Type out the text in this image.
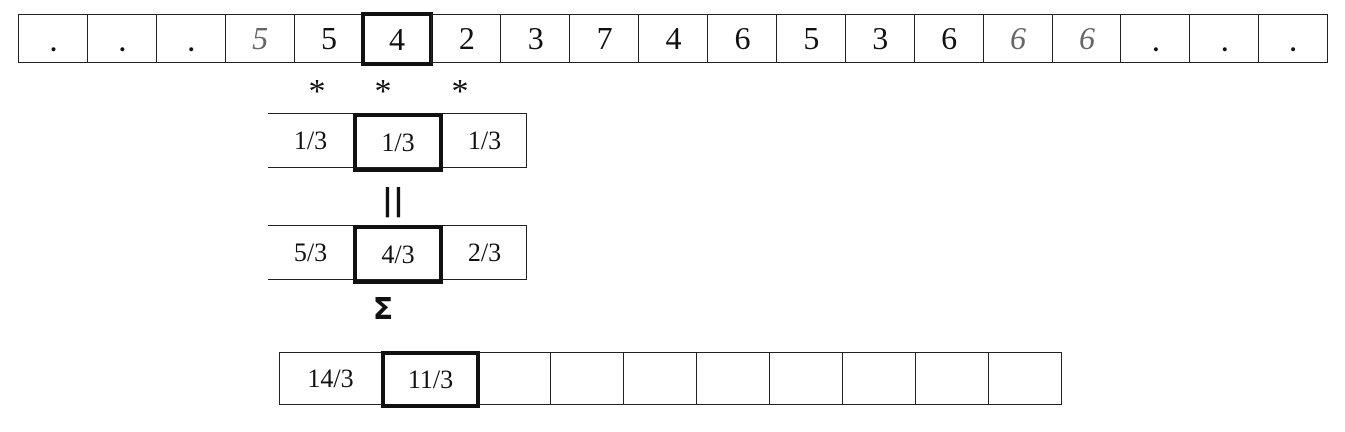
.	.	.	5	5	4	2	3	7	4	6	5	3	6	6	6	.	.	.
*	*	*
1/3	1/3	1/3
||
5/3	4/3	2/3
Σ
14/3	11/3
